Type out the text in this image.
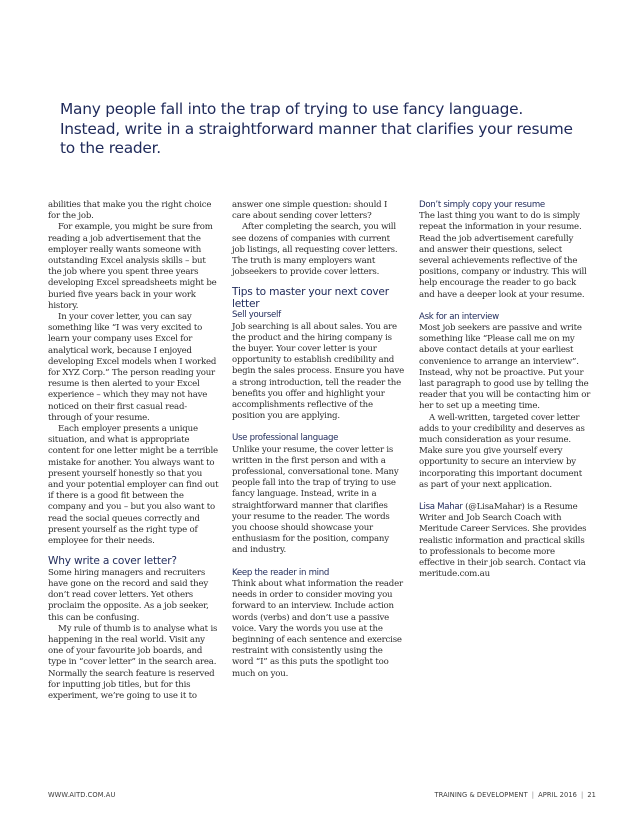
Many people fall into the trap of trying to use fancy language. Instead, write in a straightforward manner that clarifies your resume to the reader.

abilities that make you the right choice for the job.

For example, you might be sure from reading a job advertisement that the employer really wants someone with outstanding Excel analysis skills – but the job where you spent three years developing Excel spreadsheets might be buried five years back in your work history.

In your cover letter, you can say something like “I was very excited to learn your company uses Excel for analytical work, because I enjoyed developing Excel models when I worked for XYZ Corp.” The person reading your resume is then alerted to your Excel experience – which they may not have noticed on their first casual read-through of your resume.

Each employer presents a unique situation, and what is appropriate content for one letter might be a terrible mistake for another. You always want to present yourself honestly so that you and your potential employer can find out if there is a good fit between the company and you – but you also want to read the social queues correctly and present yourself as the right type of employee for their needs.

Why write a cover letter?

Some hiring managers and recruiters have gone on the record and said they don’t read cover letters. Yet others proclaim the opposite. As a job seeker, this can be confusing.

My rule of thumb is to analyse what is happening in the real world. Visit any one of your favourite job boards, and type in “cover letter” in the search area. Normally the search feature is reserved for inputting job titles, but for this experiment, we’re going to use it to

answer one simple question: should I care about sending cover letters?

After completing the search, you will see dozens of companies with current job listings, all requesting cover letters. The truth is many employers want jobseekers to provide cover letters.

Tips to master your next cover letter

Sell yourself

Job searching is all about sales. You are the product and the hiring company is the buyer. Your cover letter is your opportunity to establish credibility and begin the sales process. Ensure you have a strong introduction, tell the reader the benefits you offer and highlight your accomplishments reflective of the position you are applying.

Use professional language

Unlike your resume, the cover letter is written in the first person and with a professional, conversational tone. Many people fall into the trap of trying to use fancy language. Instead, write in a straightforward manner that clarifies your resume to the reader. The words you choose should showcase your enthusiasm for the position, company and industry.

Keep the reader in mind

Think about what information the reader needs in order to consider moving you forward to an interview. Include action words (verbs) and don’t use a passive voice. Vary the words you use at the beginning of each sentence and exercise restraint with consistently using the word “I” as this puts the spotlight too much on you.

Don’t simply copy your resume

The last thing you want to do is simply repeat the information in your resume. Read the job advertisement carefully and answer their questions, select several achievements reflective of the positions, company or industry. This will help encourage the reader to go back and have a deeper look at your resume.

Ask for an interview

Most job seekers are passive and write something like “Please call me on my above contact details at your earliest convenience to arrange an interview”. Instead, why not be proactive. Put your last paragraph to good use by telling the reader that you will be contacting him or her to set up a meeting time.

A well-written, targeted cover letter adds to your credibility and deserves as much consideration as your resume. Make sure you give yourself every opportunity to secure an interview by incorporating this important document as part of your next application.

Lisa Mahar (@LisaMahar) is a Resume Writer and Job Search Coach with Meritude Career Services. She provides realistic information and practical skills to professionals to become more effective in their job search. Contact via meritude.com.au

WWW.AITD.COM.AU	TRAINING & DEVELOPMENT | APRIL 2016 | 21
